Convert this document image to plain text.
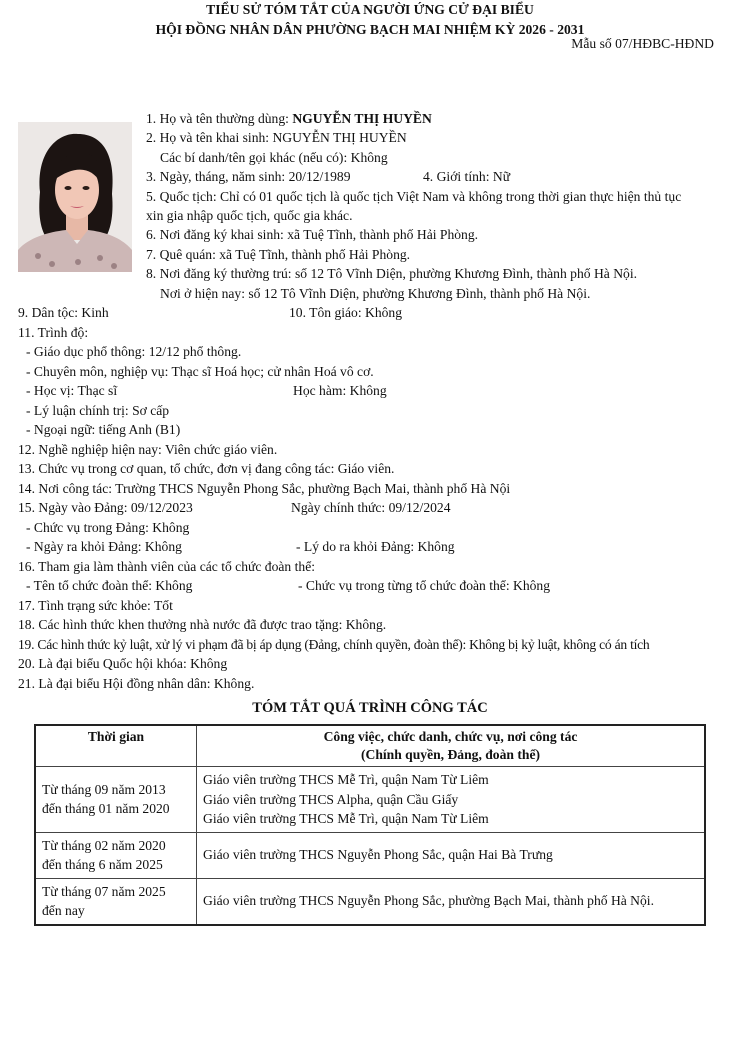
Mẫu số 07/HĐBC-HĐND
TIỂU SỬ TÓM TẮT CỦA NGƯỜI ỨNG CỬ ĐẠI BIỂU
HỘI ĐỒNG NHÂN DÂN PHƯỜNG BẠCH MAI NHIỆM KỲ 2026 - 2031
1. Họ và tên thường dùng: NGUYỄN THỊ HUYỀN
2. Họ và tên khai sinh: NGUYỄN THỊ HUYỀN
Các bí danh/tên gọi khác (nếu có): Không
3. Ngày, tháng, năm sinh: 20/12/1989	4. Giới tính: Nữ
5. Quốc tịch: Chỉ có 01 quốc tịch là quốc tịch Việt Nam và không trong thời gian thực hiện thủ tục
xin gia nhập quốc tịch, quốc gia khác.
6. Nơi đăng ký khai sinh: xã Tuệ Tĩnh, thành phố Hải Phòng.
7. Quê quán: xã Tuệ Tĩnh, thành phố Hải Phòng.
8. Nơi đăng ký thường trú: số 12 Tô Vĩnh Diện, phường Khương Đình, thành phố Hà Nội.
Nơi ở hiện nay: số 12 Tô Vĩnh Diện, phường Khương Đình, thành phố Hà Nội.
9. Dân tộc: Kinh	10. Tôn giáo: Không
11. Trình độ:
- Giáo dục phổ thông: 12/12 phổ thông.
- Chuyên môn, nghiệp vụ: Thạc sĩ Hoá học; cử nhân Hoá vô cơ.
- Học vị: Thạc sĩ	Học hàm: Không
- Lý luận chính trị: Sơ cấp
- Ngoại ngữ: tiếng Anh (B1)
12. Nghề nghiệp hiện nay: Viên chức giáo viên.
13. Chức vụ trong cơ quan, tổ chức, đơn vị đang công tác: Giáo viên.
14. Nơi công tác: Trường THCS Nguyễn Phong Sắc, phường Bạch Mai, thành phố Hà Nội
15. Ngày vào Đảng: 09/12/2023	Ngày chính thức: 09/12/2024
- Chức vụ trong Đảng: Không
- Ngày ra khỏi Đảng: Không	- Lý do ra khỏi Đảng: Không
16. Tham gia làm thành viên của các tổ chức đoàn thể:
- Tên tổ chức đoàn thể: Không	- Chức vụ trong từng tổ chức đoàn thể: Không
17. Tình trạng sức khỏe: Tốt
18. Các hình thức khen thưởng nhà nước đã được trao tặng: Không.
19. Các hình thức kỷ luật, xử lý vi phạm đã bị áp dụng (Đảng, chính quyền, đoàn thể): Không bị kỷ luật, không có án tích
20. Là đại biểu Quốc hội khóa: Không
21. Là đại biểu Hội đồng nhân dân: Không.
TÓM TẮT QUÁ TRÌNH CÔNG TÁC
Thời gian	Công việc, chức danh, chức vụ, nơi công tác
(Chính quyền, Đảng, đoàn thể)

Từ tháng 09 năm 2013
đến tháng 01 năm 2020	Giáo viên trường THCS Mễ Trì, quận Nam Từ Liêm
Giáo viên trường THCS Alpha, quận Cầu Giấy
Giáo viên trường THCS Mễ Trì, quận Nam Từ Liêm

Từ tháng 02 năm 2020
đến tháng 6 năm 2025	Giáo viên trường THCS Nguyễn Phong Sắc, quận Hai Bà Trưng

Từ tháng 07 năm 2025
đến nay	Giáo viên trường THCS Nguyễn Phong Sắc, phường Bạch Mai, thành phố Hà Nội.
